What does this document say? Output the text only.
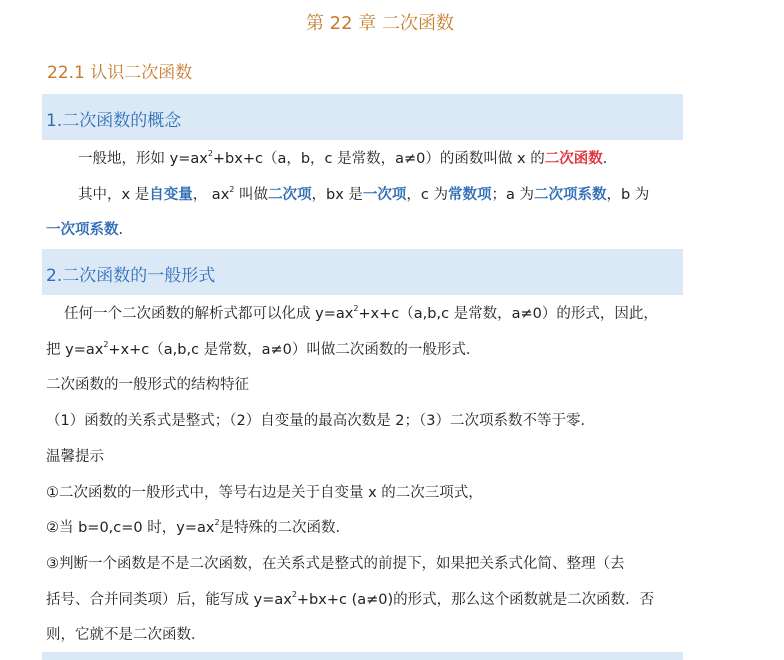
第 22 章 二次函数
22.1 认识二次函数
1.二次函数的概念
一般地，形如 $y=ax^2+bx+c(a$，b，c 是常数，a≠0）的函数叫做 x 的二次函数．
其中，x 是自变量， $ax^2$ 叫做二次项，bx 是一次项，c 为常数项；a 为二次项系数，b 为
一次项系数．
2.二次函数的一般形式
任何一个二次函数的解析式都可以化成 $y=ax^2+x+c(a,b,c$ 是常数，a≠0）的形式，因此，
把 $y=ax^2+x+c(a,b,c$ 是常数，a≠0）叫做二次函数的一般形式．
二次函数的一般形式的结构特征
（1）函数的关系式是整式；（2）自变量的最高次数是 2；（3）二次项系数不等于零．
温馨提示
①二次函数的一般形式中，等号右边是关于自变量 x 的二次三项式，
②当 b=0,c=0 时，$y=ax^2$是特殊的二次函数．
③判断一个函数是不是二次函数，在关系式是整式的前提下，如果把关系式化简、整理（去
括号、合并同类项）后，能写成 $y=ax^2+bx+c$ (a≠0)的形式，那么这个函数就是二次函数．否
则，它就不是二次函数．
